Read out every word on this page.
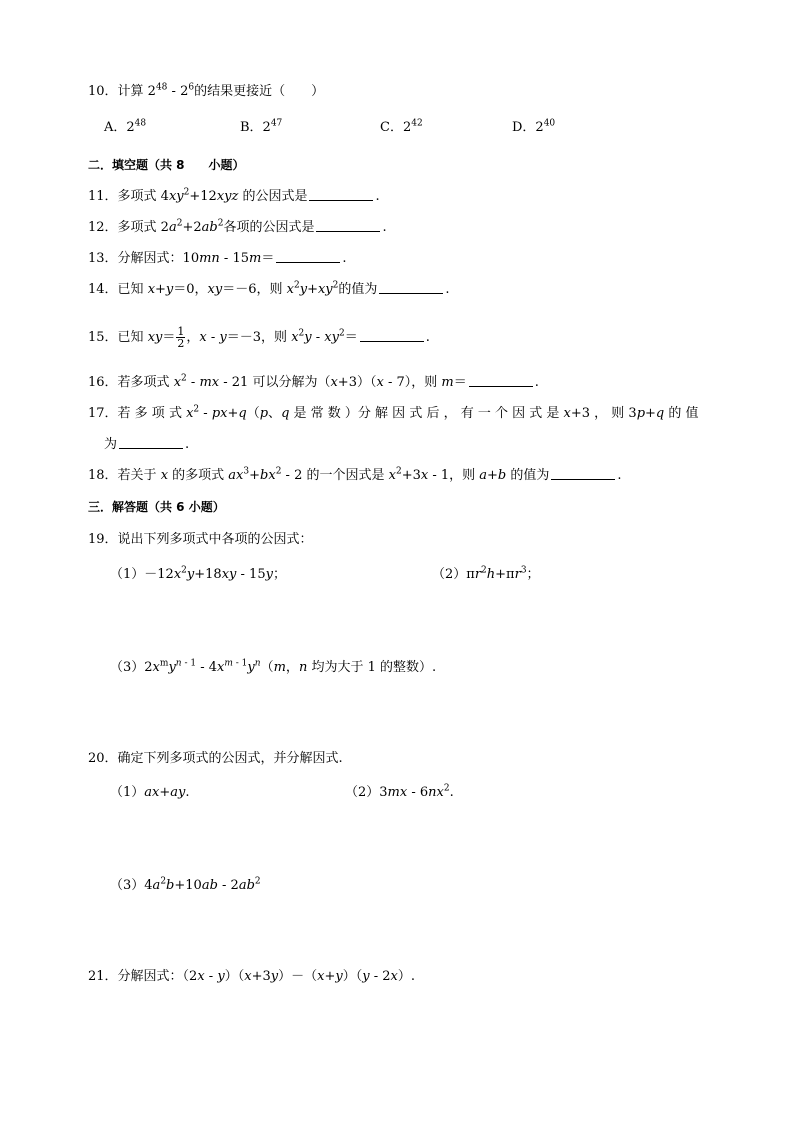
10．计算 $2^{48} - 2^6$的结果更接近（　　）
A．$2^{48}$	B．$2^{47}$	C．$2^{42}$	D．$2^{40}$
二．填空题（共 8　　小题）
11．多项式 $4xy^2+12xyz$ 的公因式是	.
12．多项式 $2a^2+2ab^2$各项的公因式是	.
13．分解因式：10mn - 15m＝	.
14．已知 x+y＝0，xy＝－6，则 $x^2y+xy^2$的值为	.
15．已知 $xy= \frac{1}{2}$ ，x - y＝－3，则 $x^2y - xy^2=$	.
16．若多项式 $x^2$ - mx - 21 可以分解为（x+3）（x - 7），则 m＝	.
17．若 多 项 式 $x^2 - px+q(p$、q 是 常 数 ）分 解 因 式 后 ， 有 一 个 因 式 是 x+3 ， 则 3p+q 的 值
为	.
18．若关于 x 的多项式 $ax^3+bx^2 - 2$ 的一个因式是 $x^2+3x - 1$，则 a+b 的值为	.
三．解答题（共 6 小题）
19．说出下列多项式中各项的公因式：
$(1)-12x^2y+18xy - 15y$；	$(2)\pi r^2h+\pi r^3$；
$(3)2x^my^{n - 1} - 4x^{m - 1}y^n(m$，n 均为大于 1 的整数）.
20．确定下列多项式的公因式，并分解因式.
（1）ax+ay.	$(2)3mx - 6nx^2$.
$(3)4a^2b+10ab - 2ab^2$
21．分解因式：（2x - y）（x+3y）－（x+y）（y - 2x）.
